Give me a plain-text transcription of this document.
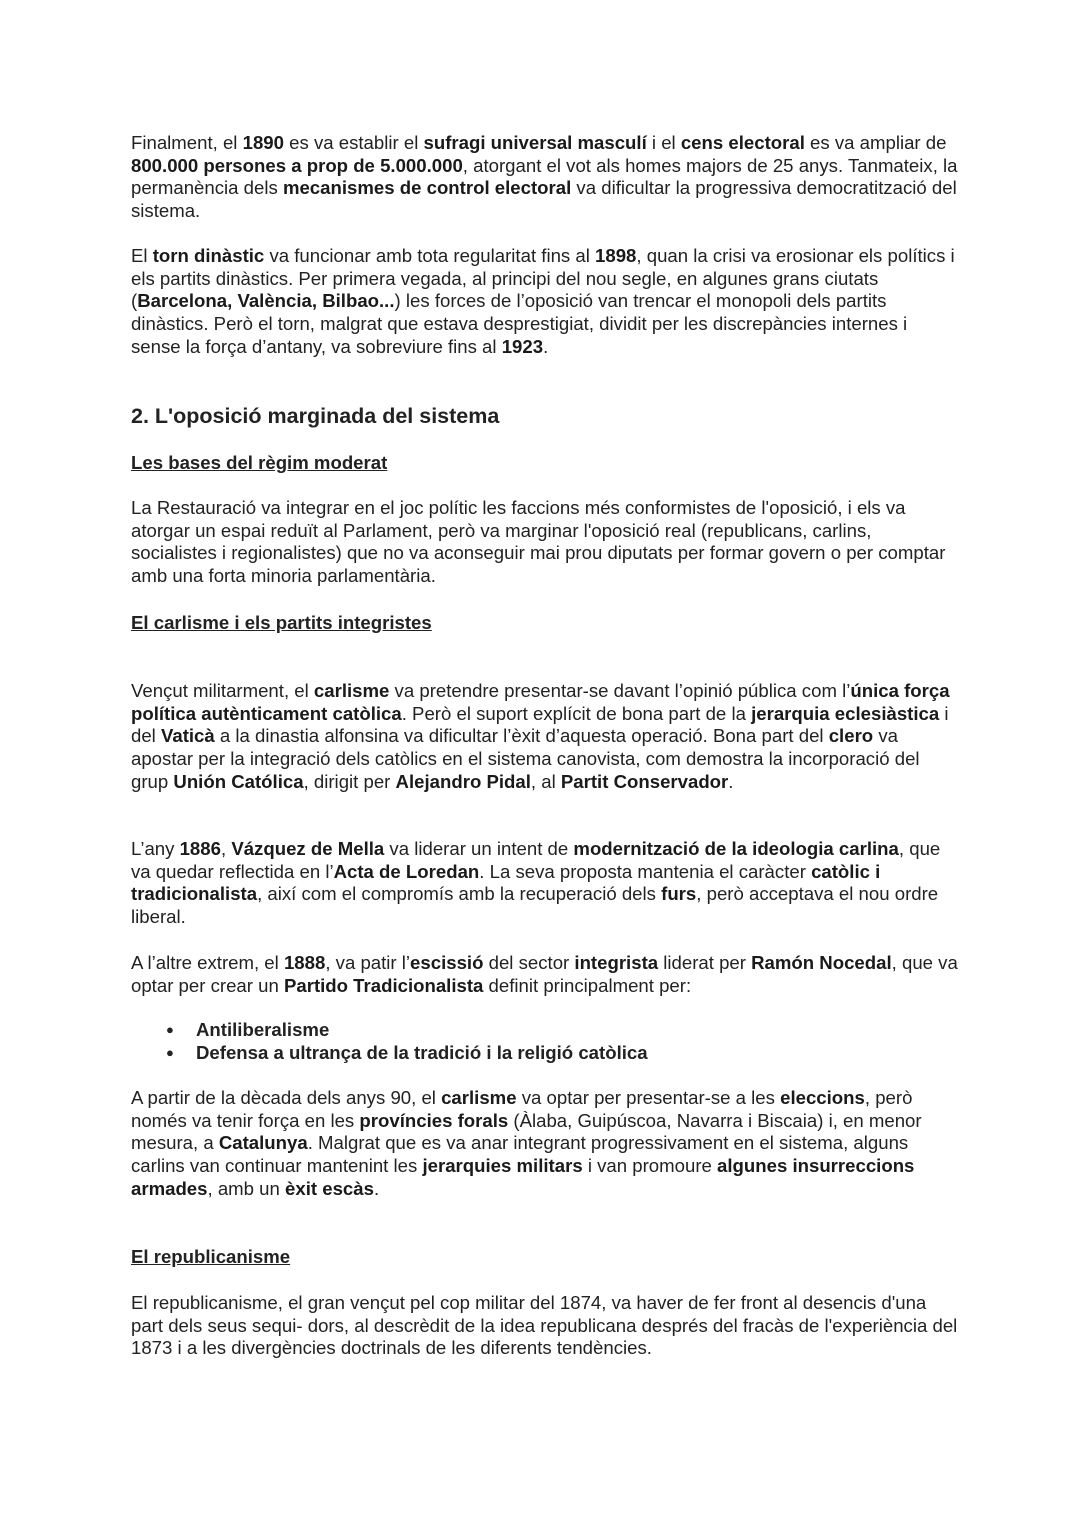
Finalment, el 1890 es va establir el sufragi universal masculí i el cens electoral es va ampliar de 800.000 persones a prop de 5.000.000, atorgant el vot als homes majors de 25 anys. Tanmateix, la permanència dels mecanismes de control electoral va dificultar la progressiva democratització del sistema.

El torn dinàstic va funcionar amb tota regularitat fins al 1898, quan la crisi va erosionar els polítics i els partits dinàstics. Per primera vegada, al principi del nou segle, en algunes grans ciutats (Barcelona, València, Bilbao...) les forces de l’oposició van trencar el monopoli dels partits dinàstics. Però el torn, malgrat que estava desprestigiat, dividit per les discrepàncies internes i sense la força d’antany, va sobreviure fins al 1923.

2. L'oposició marginada del sistema

Les bases del règim moderat

La Restauració va integrar en el joc polític les faccions més conformistes de l'oposició, i els va atorgar un espai reduït al Parlament, però va marginar l'oposició real (republicans, carlins, socialistes i regionalistes) que no va aconseguir mai prou diputats per formar govern o per comptar amb una forta minoria parlamentària.

El carlisme i els partits integristes

Vençut militarment, el carlisme va pretendre presentar-se davant l’opinió pública com l’única força política autènticament catòlica. Però el suport explícit de bona part de la jerarquia eclesiàstica i del Vaticà a la dinastia alfonsina va dificultar l’èxit d’aquesta operació. Bona part del clero va apostar per la integració dels catòlics en el sistema canovista, com demostra la incorporació del grup Unión Católica, dirigit per Alejandro Pidal, al Partit Conservador.

L’any 1886, Vázquez de Mella va liderar un intent de modernització de la ideologia carlina, que va quedar reflectida en l’Acta de Loredan. La seva proposta mantenia el caràcter catòlic i tradicionalista, així com el compromís amb la recuperació dels furs, però acceptava el nou ordre liberal.

A l’altre extrem, el 1888, va patir l’escissió del sector integrista liderat per Ramón Nocedal, que va optar per crear un Partido Tradicionalista definit principalment per:

● Antiliberalisme
● Defensa a ultrança de la tradició i la religió catòlica

A partir de la dècada dels anys 90, el carlisme va optar per presentar-se a les eleccions, però només va tenir força en les províncies forals (Àlaba, Guipúscoa, Navarra i Biscaia) i, en menor mesura, a Catalunya. Malgrat que es va anar integrant progressivament en el sistema, alguns carlins van continuar mantenint les jerarquies militars i van promoure algunes insurreccions armades, amb un èxit escàs.

El republicanisme

El republicanisme, el gran vençut pel cop militar del 1874, va haver de fer front al desencis d'una part dels seus sequi- dors, al descrèdit de la idea republicana després del fracàs de l'experiència del 1873 i a les divergències doctrinals de les diferents tendències.
